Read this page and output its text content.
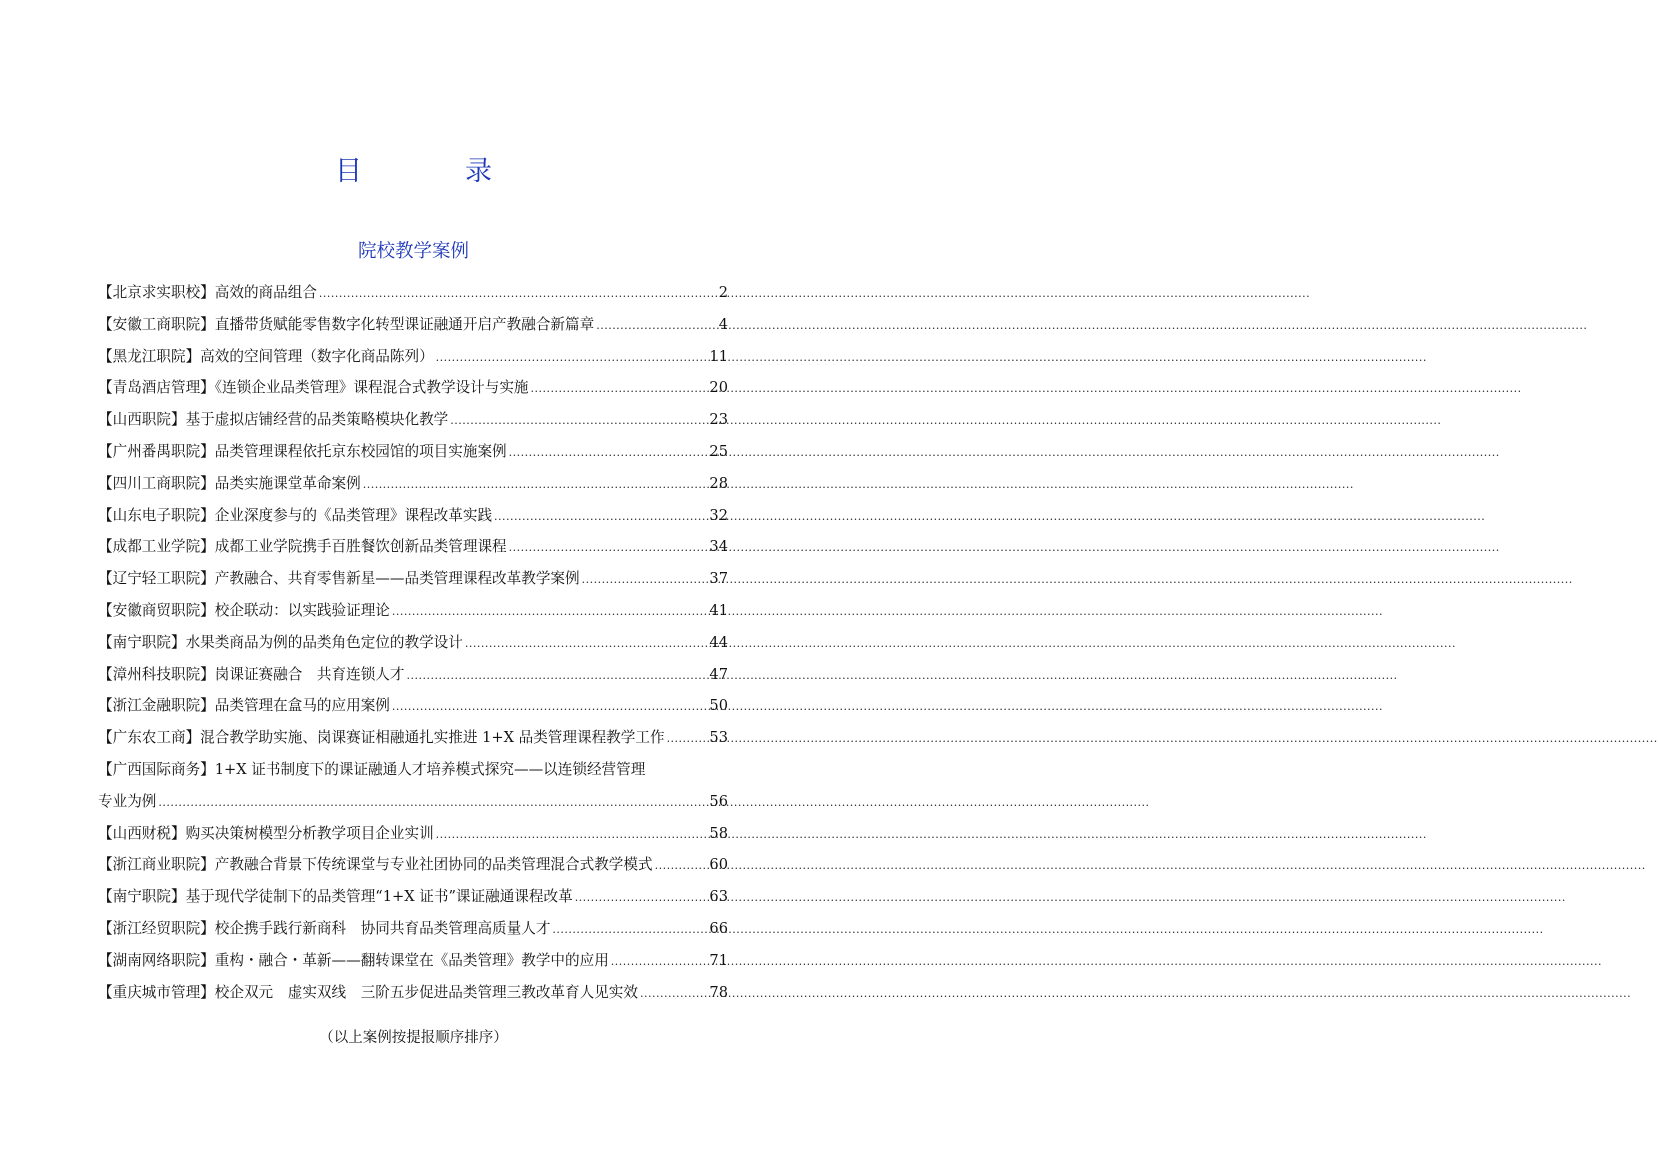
目　录
院校教学案例
【北京求实职校】高效的商品组合 .....	2
【安徽工商职院】直播带货赋能零售数字化转型课证融通开启产教融合新篇章 .....	4
【黑龙江职院】高效的空间管理（数字化商品陈列） .....	11
【青岛酒店管理】《连锁企业品类管理》课程混合式教学设计与实施 .....	20
【山西职院】基于虚拟店铺经营的品类策略模块化教学 .....	23
【广州番禺职院】品类管理课程依托京东校园馆的项目实施案例 .....	25
【四川工商职院】品类实施课堂革命案例 .....	28
【山东电子职院】企业深度参与的《品类管理》课程改革实践 .....	32
【成都工业学院】成都工业学院携手百胜餐饮创新品类管理课程 .....	34
【辽宁轻工职院】产教融合、共育零售新星——品类管理课程改革教学案例 .....	37
【安徽商贸职院】校企联动：以实践验证理论 .....	41
【南宁职院】水果类商品为例的品类角色定位的教学设计 .....	44
【漳州科技职院】岗课证赛融合　共育连锁人才 .....	47
【浙江金融职院】品类管理在盒马的应用案例 .....	50
【广东农工商】混合教学助实施、岗课赛证相融通扎实推进 1+X 品类管理课程教学工作 .....	53
【广西国际商务】1+X 证书制度下的课证融通人才培养模式探究——以连锁经营管理
专业为例 .....	56
【山西财税】购买决策树模型分析教学项目企业实训 .....	58
【浙江商业职院】产教融合背景下传统课堂与专业社团协同的品类管理混合式教学模式 .....	60
【南宁职院】基于现代学徒制下的品类管理“1+X 证书”课证融通课程改革 .....	63
【浙江经贸职院】校企携手践行新商科　协同共育品类管理高质量人才 .....	66
【湖南网络职院】重构・融合・革新——翻转课堂在《品类管理》教学中的应用 .....	71
【重庆城市管理】校企双元　虚实双线　三阶五步促进品类管理三教改革育人见实效 .....	78
（以上案例按提报顺序排序）
